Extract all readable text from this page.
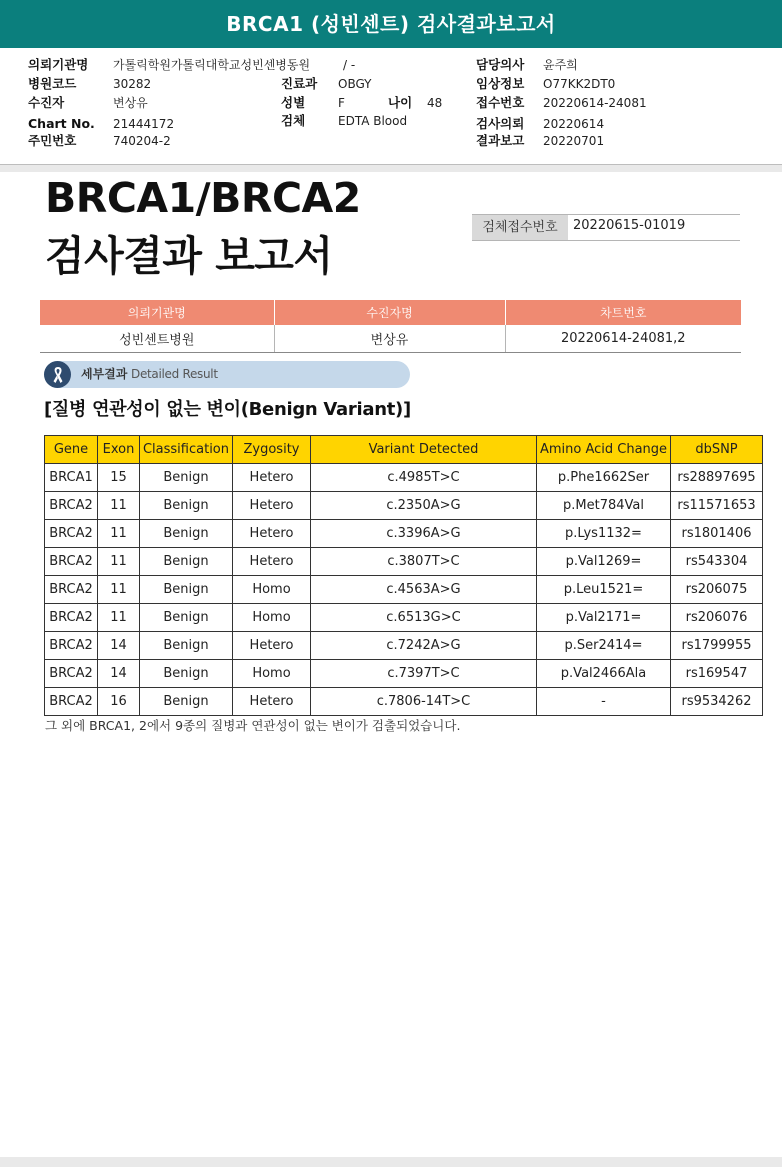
BRCA1 (성빈센트) 검사결과보고서
의뢰기관명 가톨릭학원가톨릭대학교성빈센병동원	/ -
병원코드	30282
수진자	변상유
Chart No. 21444172
주민번호	740204-2
진료과 OBGY
성별	F	나이 48
검체	EDTA Blood
담당의사 윤주희
임상정보 O77KK2DT0
접수번호 20220614-24081
검사의뢰 20220614
결과보고 20220701
BRCA1/BRCA2
검사결과 보고서
검체접수번호	20220615-01019
의뢰기관명	수진자명	차트번호
성빈센트병원	변상유	20220614-24081,2
세부결과 Detailed Result
[질병 연관성이 없는 변이(Benign Variant)]
Gene	Exon	Classification	Zygosity	Variant Detected	Amino Acid Change	dbSNP
BRCA1	15	Benign	Hetero	c.4985T>C	p.Phe1662Ser	rs28897695
BRCA2	11	Benign	Hetero	c.2350A>G	p.Met784Val	rs11571653
BRCA2	11	Benign	Hetero	c.3396A>G	p.Lys1132=	rs1801406
BRCA2	11	Benign	Hetero	c.3807T>C	p.Val1269=	rs543304
BRCA2	11	Benign	Homo	c.4563A>G	p.Leu1521=	rs206075
BRCA2	11	Benign	Homo	c.6513G>C	p.Val2171=	rs206076
BRCA2	14	Benign	Hetero	c.7242A>G	p.Ser2414=	rs1799955
BRCA2	14	Benign	Homo	c.7397T>C	p.Val2466Ala	rs169547
BRCA2	16	Benign	Hetero	c.7806-14T>C	-	rs9534262
그 외에 BRCA1, 2에서 9종의 질병과 연관성이 없는 변이가 검출되었습니다.
